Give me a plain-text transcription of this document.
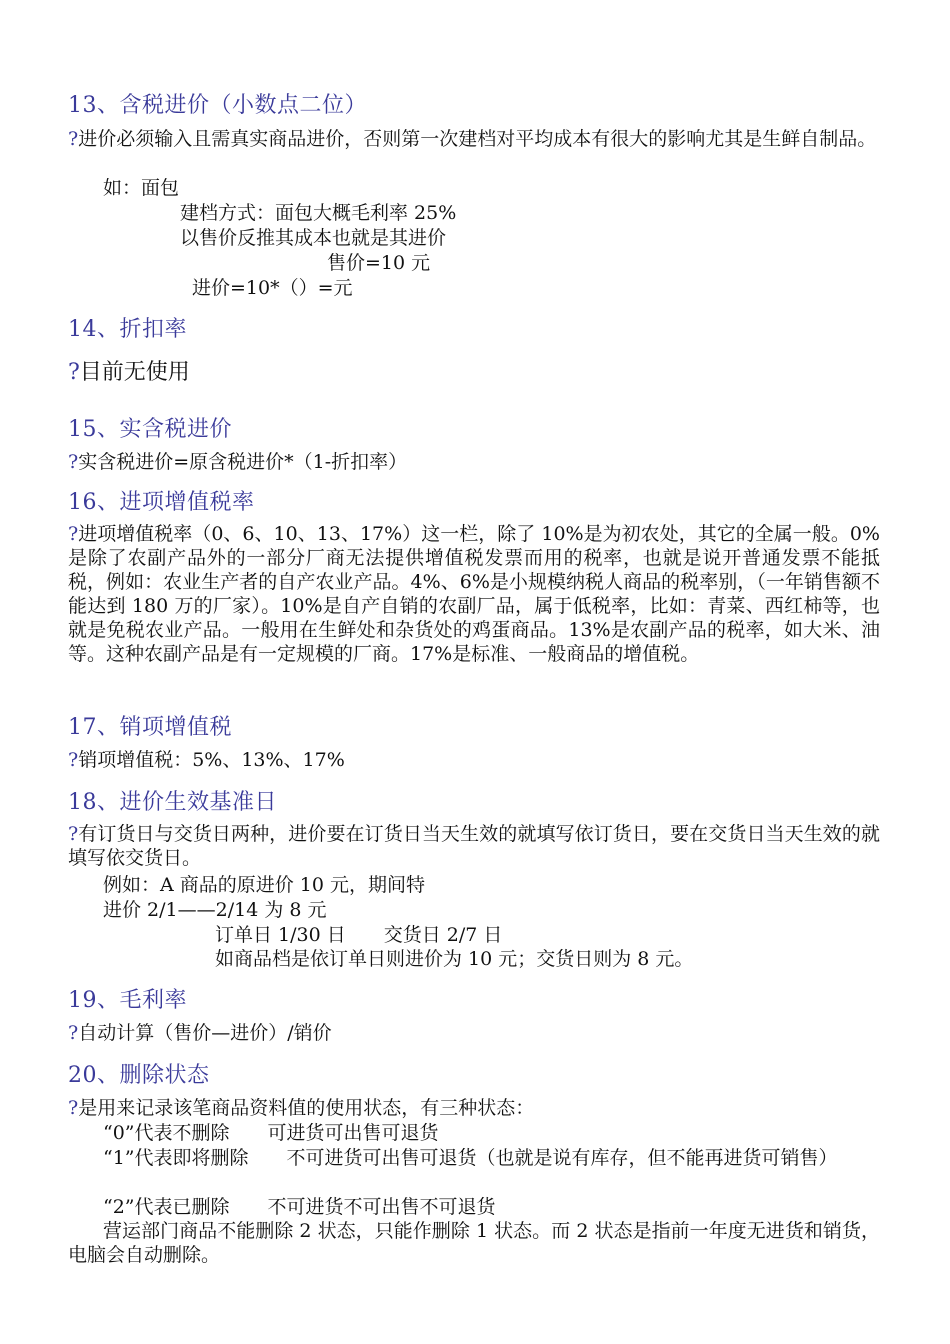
13、含税进价（小数点二位）
?进价必须输入且需真实商品进价，否则第一次建档对平均成本有很大的影响尤其是生鲜自制品。
如：面包
建档方式：面包大概毛利率 25%
以售价反推其成本也就是其进价
售价=10 元
进价=10*（）=元
14、折扣率
?目前无使用
15、实含税进价
?实含税进价=原含税进价*（1-折扣率）
16、进项增值税率
?进项增值税率（0、6、10、13、17%）这一栏，除了 10%是为初农处，其它的全属一般。0%是除了农副产品外的一部分厂商无法提供增值税发票而用的税率，也就是说开普通发票不能抵税，例如：农业生产者的自产农业产品。4%、6%是小规模纳税人商品的税率别，（一年销售额不能达到 180 万的厂家）。10%是自产自销的农副厂品，属于低税率，比如：青菜、西红柿等，也就是免税农业产品。一般用在生鲜处和杂货处的鸡蛋商品。13%是农副产品的税率，如大米、油等。这种农副产品是有一定规模的厂商。17%是标准、一般商品的增值税。
17、销项增值税
?销项增值税：5%、13%、17%
18、进价生效基准日
?有订货日与交货日两种，进价要在订货日当天生效的就填写依订货日，要在交货日当天生效的就填写依交货日。
例如：A 商品的原进价 10 元，期间特
进价 2/1——2/14 为 8 元
订单日 1/30 日　　交货日 2/7 日
如商品档是依订单日则进价为 10 元；交货日则为 8 元。
19、毛利率
?自动计算（售价—进价）/销价
20、删除状态
?是用来记录该笔商品资料值的使用状态，有三种状态：
“0”代表不删除　　可进货可出售可退货
“1”代表即将删除　　不可进货可出售可退货（也就是说有库存，但不能再进货可销售）
“2”代表已删除　　不可进货不可出售不可退货
营运部门商品不能删除 2 状态，只能作删除 1 状态。而 2 状态是指前一年度无进货和销货，电脑会自动删除。
